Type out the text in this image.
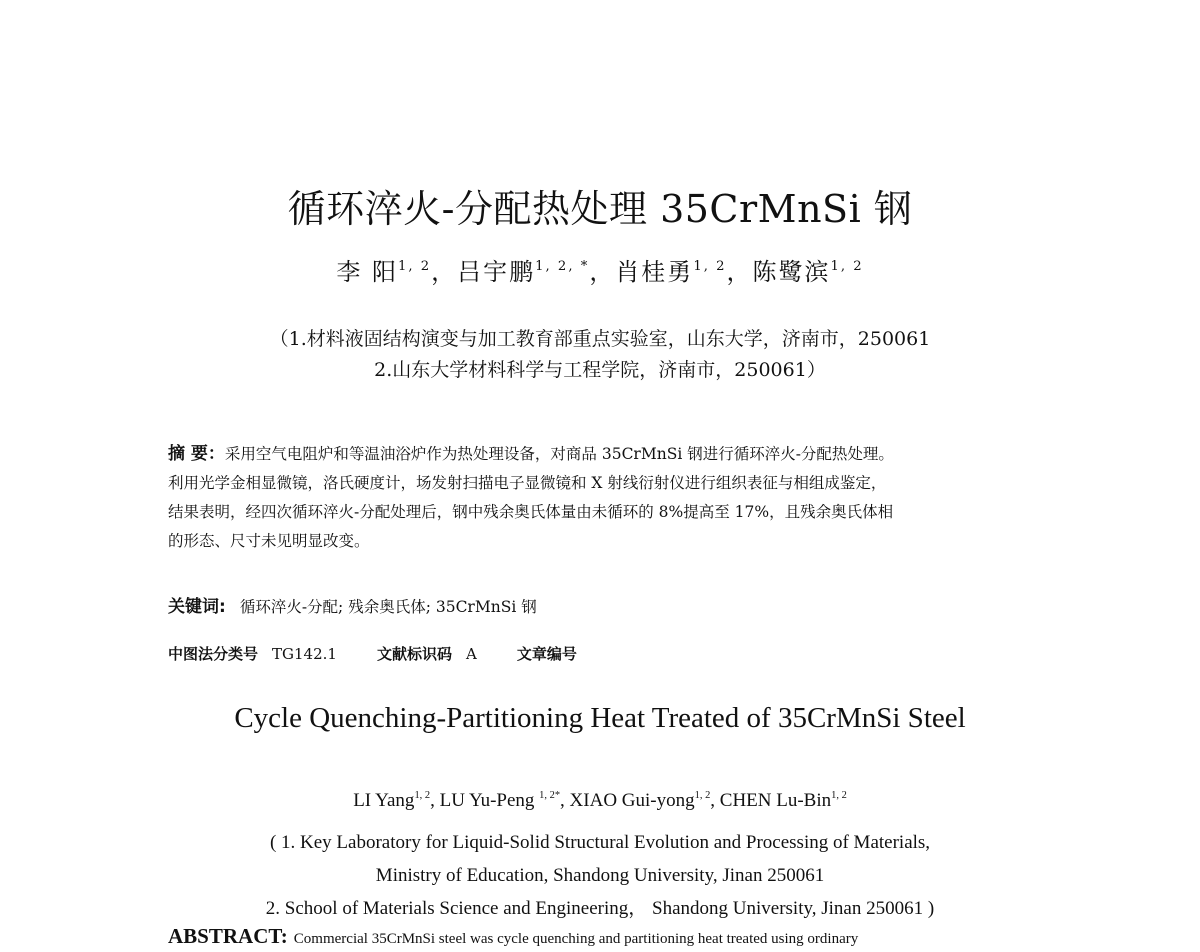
循环淬火-分配热处理 35CrMnSi 钢
李 阳$^{1, 2}$，吕宇鹏$^{1, 2, *}$，肖桂勇$^{1, 2}$，陈鹭滨$^{1, 2}$
（1.材料液固结构演变与加工教育部重点实验室，山东大学，济南市，250061
2.山东大学材料科学与工程学院，济南市，250061）

摘 要：采用空气电阻炉和等温油浴炉作为热处理设备，对商品 35CrMnSi 钢进行循环淬火-分配热处理。

利用光学金相显微镜，洛氏硬度计，场发射扫描电子显微镜和 X 射线衍射仪进行组织表征与相组成鉴定，

结果表明，经四次循环淬火-分配处理后，钢中残余奥氏体量由未循环的 8%提高至 17%，且残余奥氏体相

的形态、尺寸未见明显改变。

关键词: 循环淬火-分配; 残余奥氏体; 35CrMnSi 钢
中图法分类号 TG142.1	文献标识码 A	文章编号
Cycle Quenching-Partitioning Heat Treated of 35CrMnSi Steel
LI Yang$^{1, 2}$, LU Yu-Peng $^{1, 2*}$, XIAO Gui-yong$^{1, 2}$, CHEN Lu-Bin$^{1, 2}$
( 1. Key Laboratory for Liquid-Solid Structural Evolution and Processing of Materials,
Ministry of Education, Shandong University, Jinan 250061
2. School of Materials Science and Engineering， Shandong University, Jinan 250061 )
ABSTRACT: Commercial 35CrMnSi steel was cycle quenching and partitioning heat treated using ordinary
